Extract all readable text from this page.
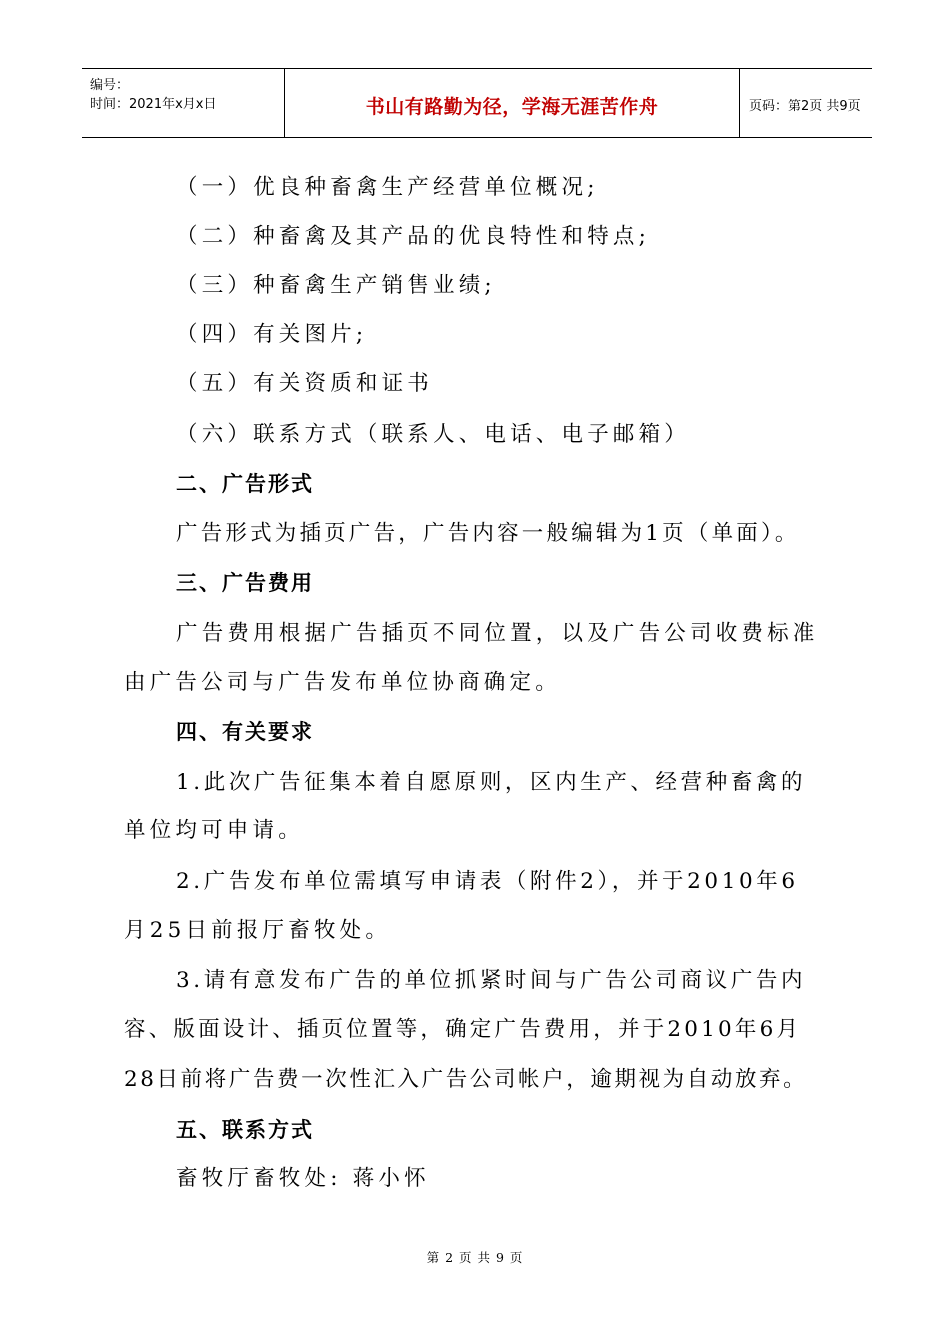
编号：
时间：2021年x月x日	书山有路勤为径，学海无涯苦作舟	页码：第2页 共9页
（一）优良种畜禽生产经营单位概况;
（二）种畜禽及其产品的优良特性和特点;
（三）种畜禽生产销售业绩;
（四）有关图片;
（五）有关资质和证书
（六）联系方式（联系人、电话、电子邮箱）
二、广告形式
广告形式为插页广告，广告内容一般编辑为1页（单面）。
三、广告费用
广告费用根据广告插页不同位置，以及广告公司收费标准
由广告公司与广告发布单位协商确定。
四、有关要求
1.此次广告征集本着自愿原则，区内生产、经营种畜禽的
单位均可申请。
2.广告发布单位需填写申请表（附件2），并于2010年6
月25日前报厅畜牧处。
3.请有意发布广告的单位抓紧时间与广告公司商议广告内
容、版面设计、插页位置等，确定广告费用，并于2010年6月
28日前将广告费一次性汇入广告公司帐户，逾期视为自动放弃。
五、联系方式
畜牧厅畜牧处: 蒋小怀
第 2 页 共 9 页
